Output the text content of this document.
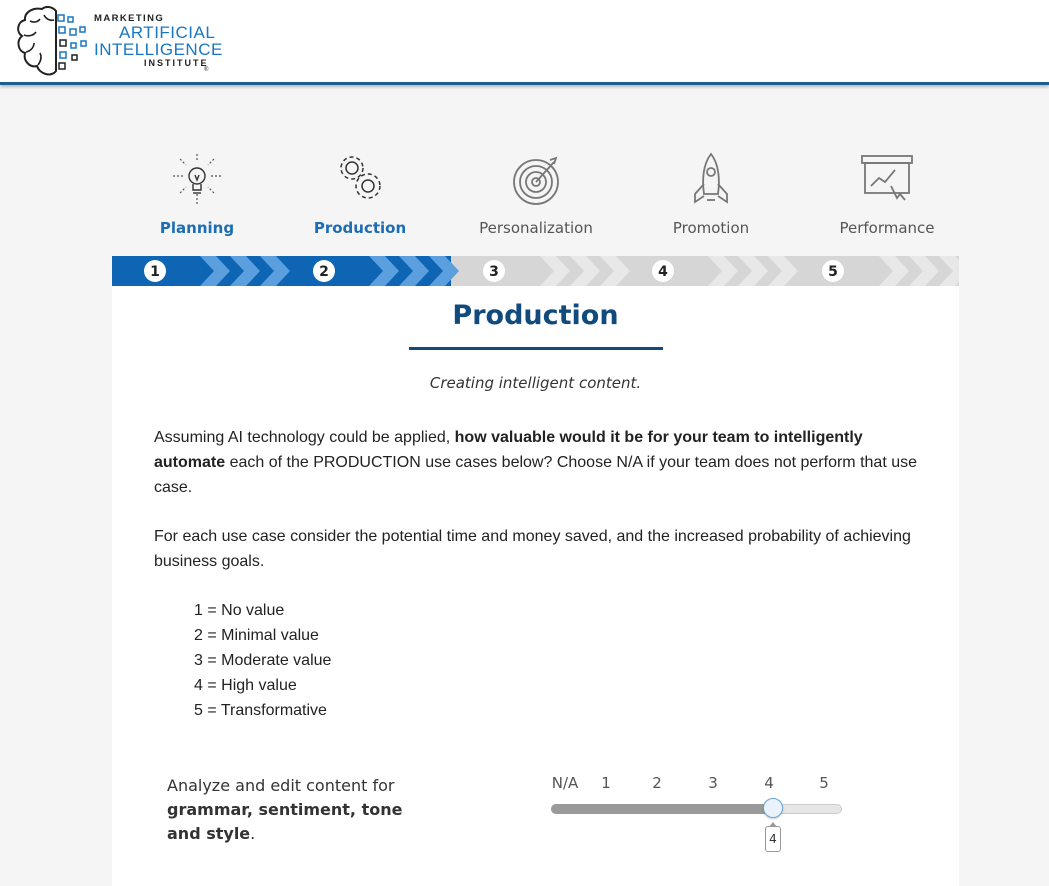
MARKETING
ARTIFICIAL
INTELLIGENCE
INSTITUTE
®
Planning	Production	Personalization	Promotion	Performance
1	2	3	4	5
Production
Creating intelligent content.
Assuming AI technology could be applied, how valuable would it be for your team to intelligently automate each of the PRODUCTION use cases below? Choose N/A if your team does not perform that use case.
For each use case consider the potential time and money saved, and the increased probability of achieving business goals.
1 = No value
2 = Minimal value
3 = Moderate value
4 = High value
5 = Transformative
Analyze and edit content for grammar, sentiment, tone and style.
N/A 1	2	3	4	5
4
